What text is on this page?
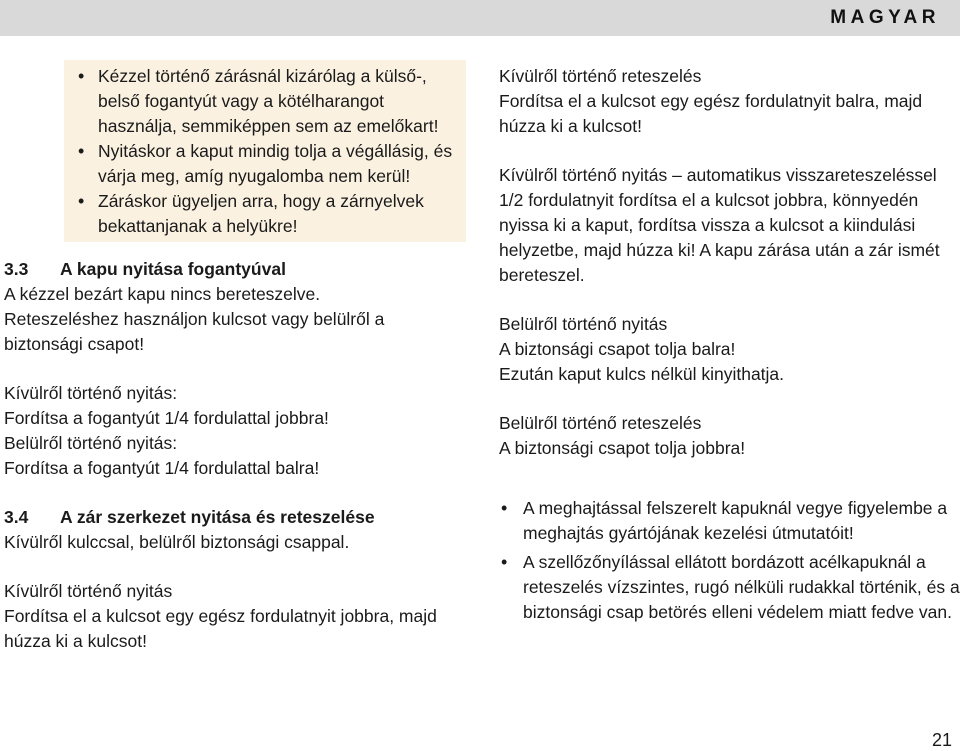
MAGYAR
• Kézzel történő zárásnál kizárólag a külső-, belső fogantyút vagy a kötélharangot használja, semmiképpen sem az emelőkart!
• Nyitáskor a kaput mindig tolja a végállásig, és várja meg, amíg nyugalomba nem kerül!
• Záráskor ügyeljen arra, hogy a zárnyelvek bekattanjanak a helyükre!
3.3 A kapu nyitása fogantyúval

A kézzel bezárt kapu nincs bereteszelve.

Reteszeléshez használjon kulcsot vagy belülről a biztonsági csapot!

Kívülről történő nyitás:

Fordítsa a fogantyút 1/4 fordulattal jobbra!

Belülről történő nyitás:

Fordítsa a fogantyút 1/4 fordulattal balra!

3.4 A zár szerkezet nyitása és reteszelése

Kívülről kulccsal, belülről biztonsági csappal.

Kívülről történő nyitás

Fordítsa el a kulcsot egy egész fordulatnyit jobbra, majd húzza ki a kulcsot!

Kívülről történő reteszelés

Fordítsa el a kulcsot egy egész fordulatnyit balra, majd húzza ki a kulcsot!

Kívülről történő nyitás – automatikus visszareteszeléssel 1/2 fordulatnyit fordítsa el a kulcsot jobbra, könnyedén nyissa ki a kaput, fordítsa vissza a kulcsot a kiindulási helyzetbe, majd húzza ki! A kapu zárása után a zár ismét bereteszel.

Belülről történő nyitás

A biztonsági csapot tolja balra!

Ezután kaput kulcs nélkül kinyithatja.

Belülről történő reteszelés

A biztonsági csapot tolja jobbra!

• A meghajtással felszerelt kapuknál vegye figyelembe a meghajtás gyártójának kezelési útmutatóit!
• A szellőzőnyílással ellátott bordázott acélkapuknál a reteszelés vízszintes, rugó nélküli rudakkal történik, és a biztonsági csap betörés elleni védelem miatt fedve van.
21
